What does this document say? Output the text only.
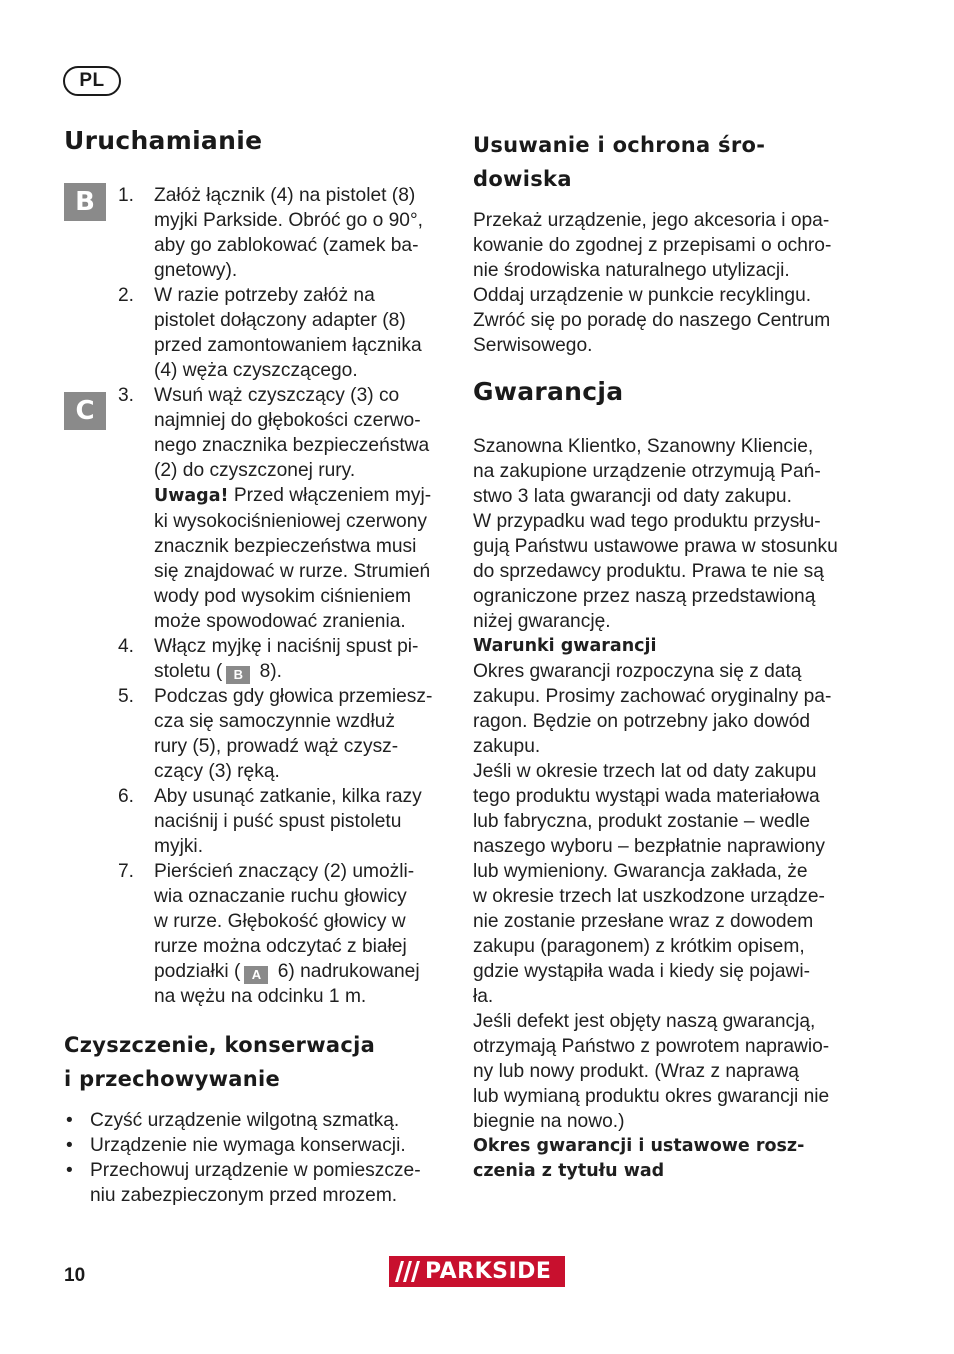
PL
Uruchamianie
B
C
1. Załóż łącznik (4) na pistolet (8)
myjki Parkside. Obróć go o 90°,
aby go zablokować (zamek ba-
gnetowy).
2. W razie potrzeby załóż na
pistolet dołączony adapter (8)
przed zamontowaniem łącznika
(4) węża czyszczącego.
3. Wsuń wąż czyszczący (3) co
najmniej do głębokości czerwo-
nego znacznika bezpieczeństwa
(2) do czyszczonej rury.
Uwaga! Przed włączeniem myj-
ki wysokociśnieniowej czerwony
znacznik bezpieczeństwa musi
się znajdować w rurze. Strumień
wody pod wysokim ciśnieniem
może spowodować zranienia.
4. Włącz myjkę i naciśnij spust pi-
stoletu ( B 8).
5. Podczas gdy głowica przemiesz-
cza się samoczynnie wzdłuż
rury (5), prowadź wąż czysz-
czący (3) ręką.
6. Aby usunąć zatkanie, kilka razy
naciśnij i puść spust pistoletu
myjki.
7. Pierścień znaczący (2) umożli-
wia oznaczanie ruchu głowicy
w rurze. Głębokość głowicy w
rurze można odczytać z białej
podziałki ( A 6) nadrukowanej
na wężu na odcinku 1 m.
Czyszczenie, konserwacja
i przechowywanie
• Czyść urządzenie wilgotną szmatką.
• Urządzenie nie wymaga konserwacji.
• Przechowuj urządzenie w pomieszcze-
niu zabezpieczonym przed mrozem.
Usuwanie i ochrona śro-
dowiska

Przekaż urządzenie, jego akcesoria i opa-

kowanie do zgodnej z przepisami o ochro-

nie środowiska naturalnego utylizacji.

Oddaj urządzenie w punkcie recyklingu.

Zwróć się po poradę do naszego Centrum

Serwisowego.

Gwarancja

Szanowna Klientko, Szanowny Kliencie,

na zakupione urządzenie otrzymują Pań-

stwo 3 lata gwarancji od daty zakupu.

W przypadku wad tego produktu przysłu-

gują Państwu ustawowe prawa w stosunku

do sprzedawcy produktu. Prawa te nie są

ograniczone przez naszą przedstawioną

niżej gwarancję.

Warunki gwarancji

Okres gwarancji rozpoczyna się z datą

zakupu. Prosimy zachować oryginalny pa-

ragon. Będzie on potrzebny jako dowód

zakupu.

Jeśli w okresie trzech lat od daty zakupu

tego produktu wystąpi wada materiałowa

lub fabryczna, produkt zostanie – wedle

naszego wyboru – bezpłatnie naprawiony

lub wymieniony. Gwarancja zakłada, że

w okresie trzech lat uszkodzone urządze-

nie zostanie przesłane wraz z dowodem

zakupu (paragonem) z krótkim opisem,

gdzie wystąpiła wada i kiedy się pojawi-

ła.

Jeśli defekt jest objęty naszą gwarancją,

otrzymają Państwo z powrotem naprawio-

ny lub nowy produkt. (Wraz z naprawą

lub wymianą produktu okres gwarancji nie

biegnie na nowo.)

Okres gwarancji i ustawowe rosz-

czenia z tytułu wad

10	PARKSIDE
